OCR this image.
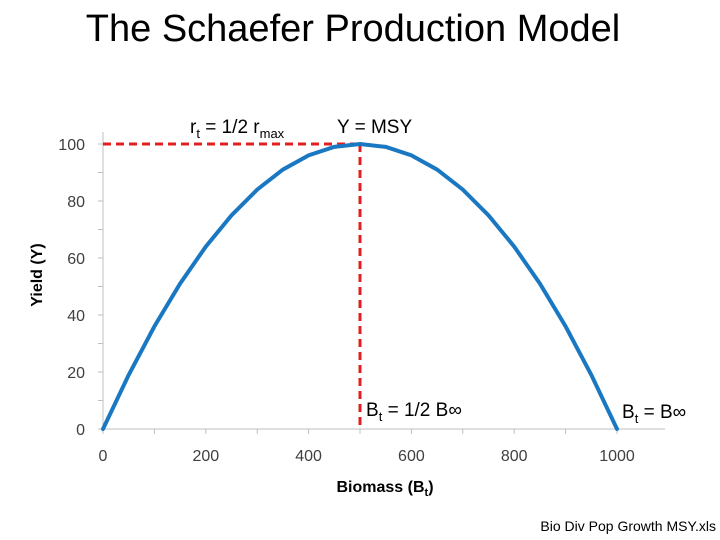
The Schaefer Production Model
0	200	400	600	800	1000
0
20
40
60
80
100
Yield (Y)
Biomass $(B_t)$
$r_t = 1/2$ $r_{max}$	Y = MSY
$B_t = 1/2$ B∞	$B_t = B\infty$
Bio Div Pop Growth MSY.xls
